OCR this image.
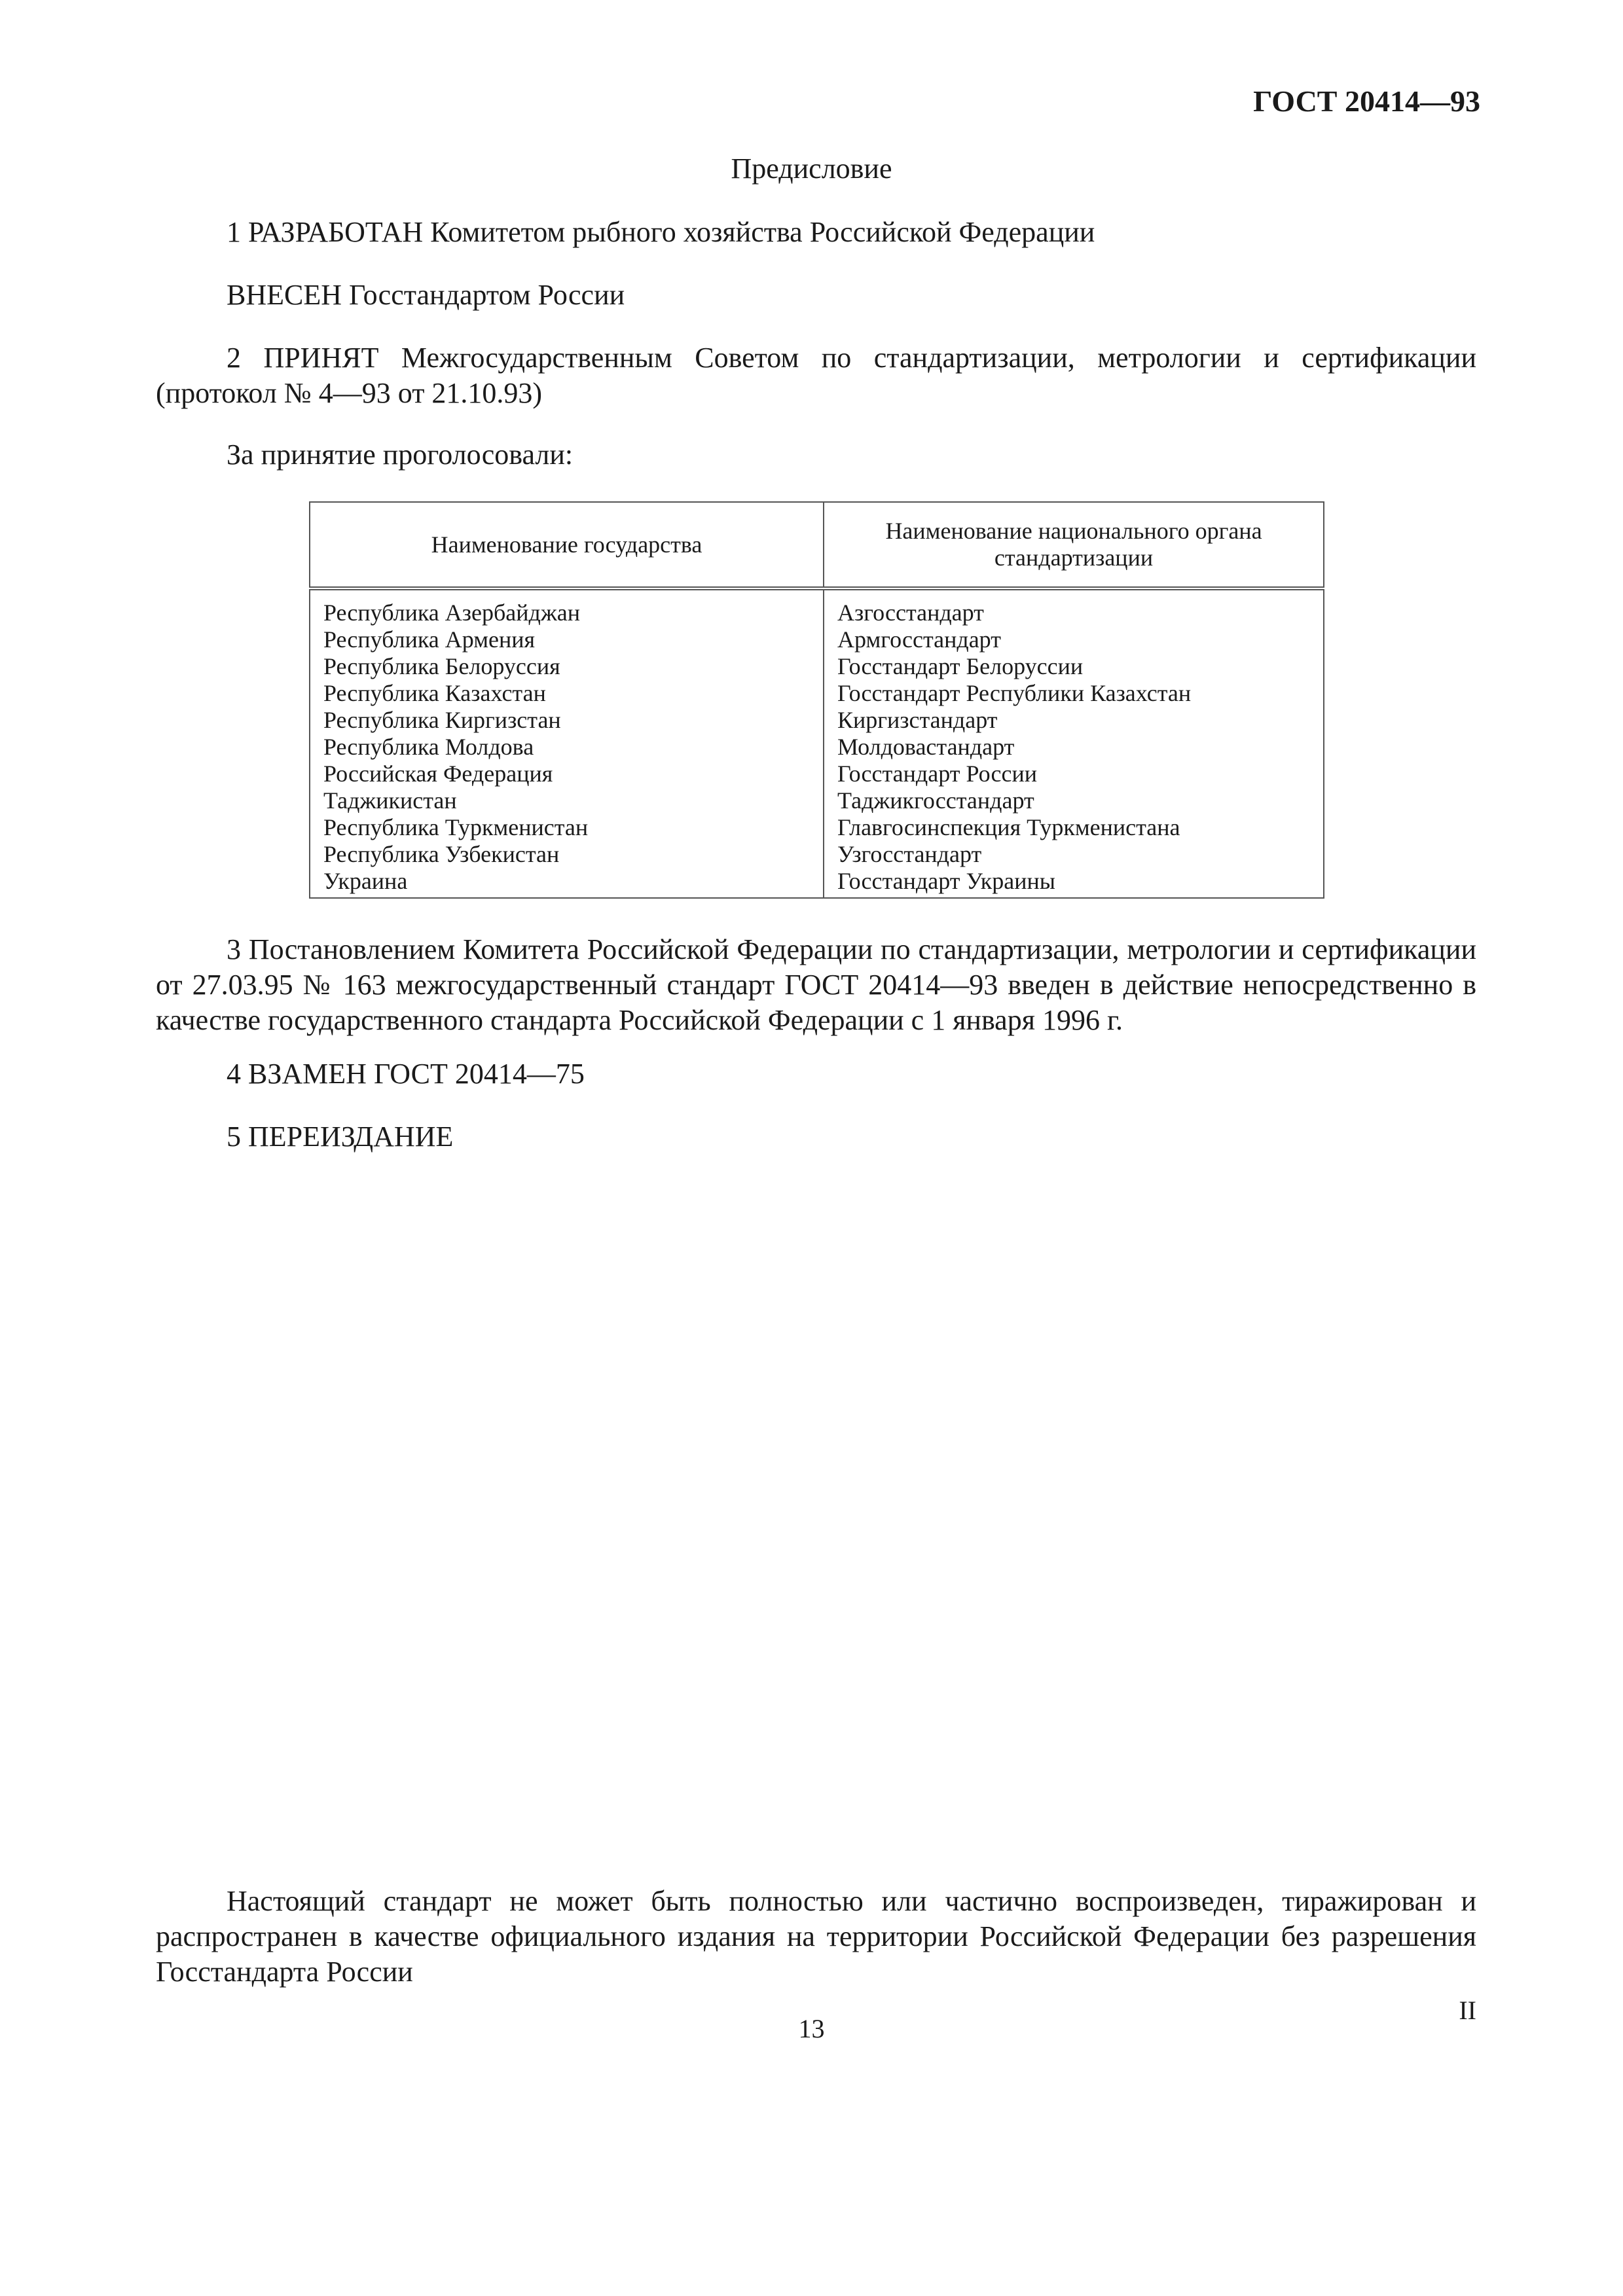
ГОСТ 20414—93
Предисловие
1 РАЗРАБОТАН Комитетом рыбного хозяйства Российской Федерации
ВНЕСЕН Госстандартом России
2 ПРИНЯТ Межгосударственным Советом по стандартизации, метрологии и сертификации (протокол № 4—93 от 21.10.93)
За принятие проголосовали:
Наименование государства	Наименование национального органа стандартизации
Республика Азербайджан	Азгосстандарт
Республика Армения	Армгосстандарт
Республика Белоруссия	Госстандарт Белоруссии
Республика Казахстан	Госстандарт Республики Казахстан
Республика Киргизстан	Киргизстандарт
Республика Молдова	Молдовастандарт
Российская Федерация	Госстандарт России
Таджикистан	Таджикгосстандарт
Республика Туркменистан	Главгосинспекция Туркменистана
Республика Узбекистан	Узгосстандарт
Украина	Госстандарт Украины
3 Постановлением Комитета Российской Федерации по стандартизации, метрологии и сертификации от 27.03.95 № 163 межгосударственный стандарт ГОСТ 20414—93 введен в действие непосредственно в качестве государственного стандарта Российской Федерации с 1 января 1996 г.
4 ВЗАМЕН ГОСТ 20414—75
5 ПЕРЕИЗДАНИЕ
Настоящий стандарт не может быть полностью или частично воспроизведен, тиражирован и распространен в качестве официального издания на территории Российской Федерации без разрешения Госстандарта России
13
II
